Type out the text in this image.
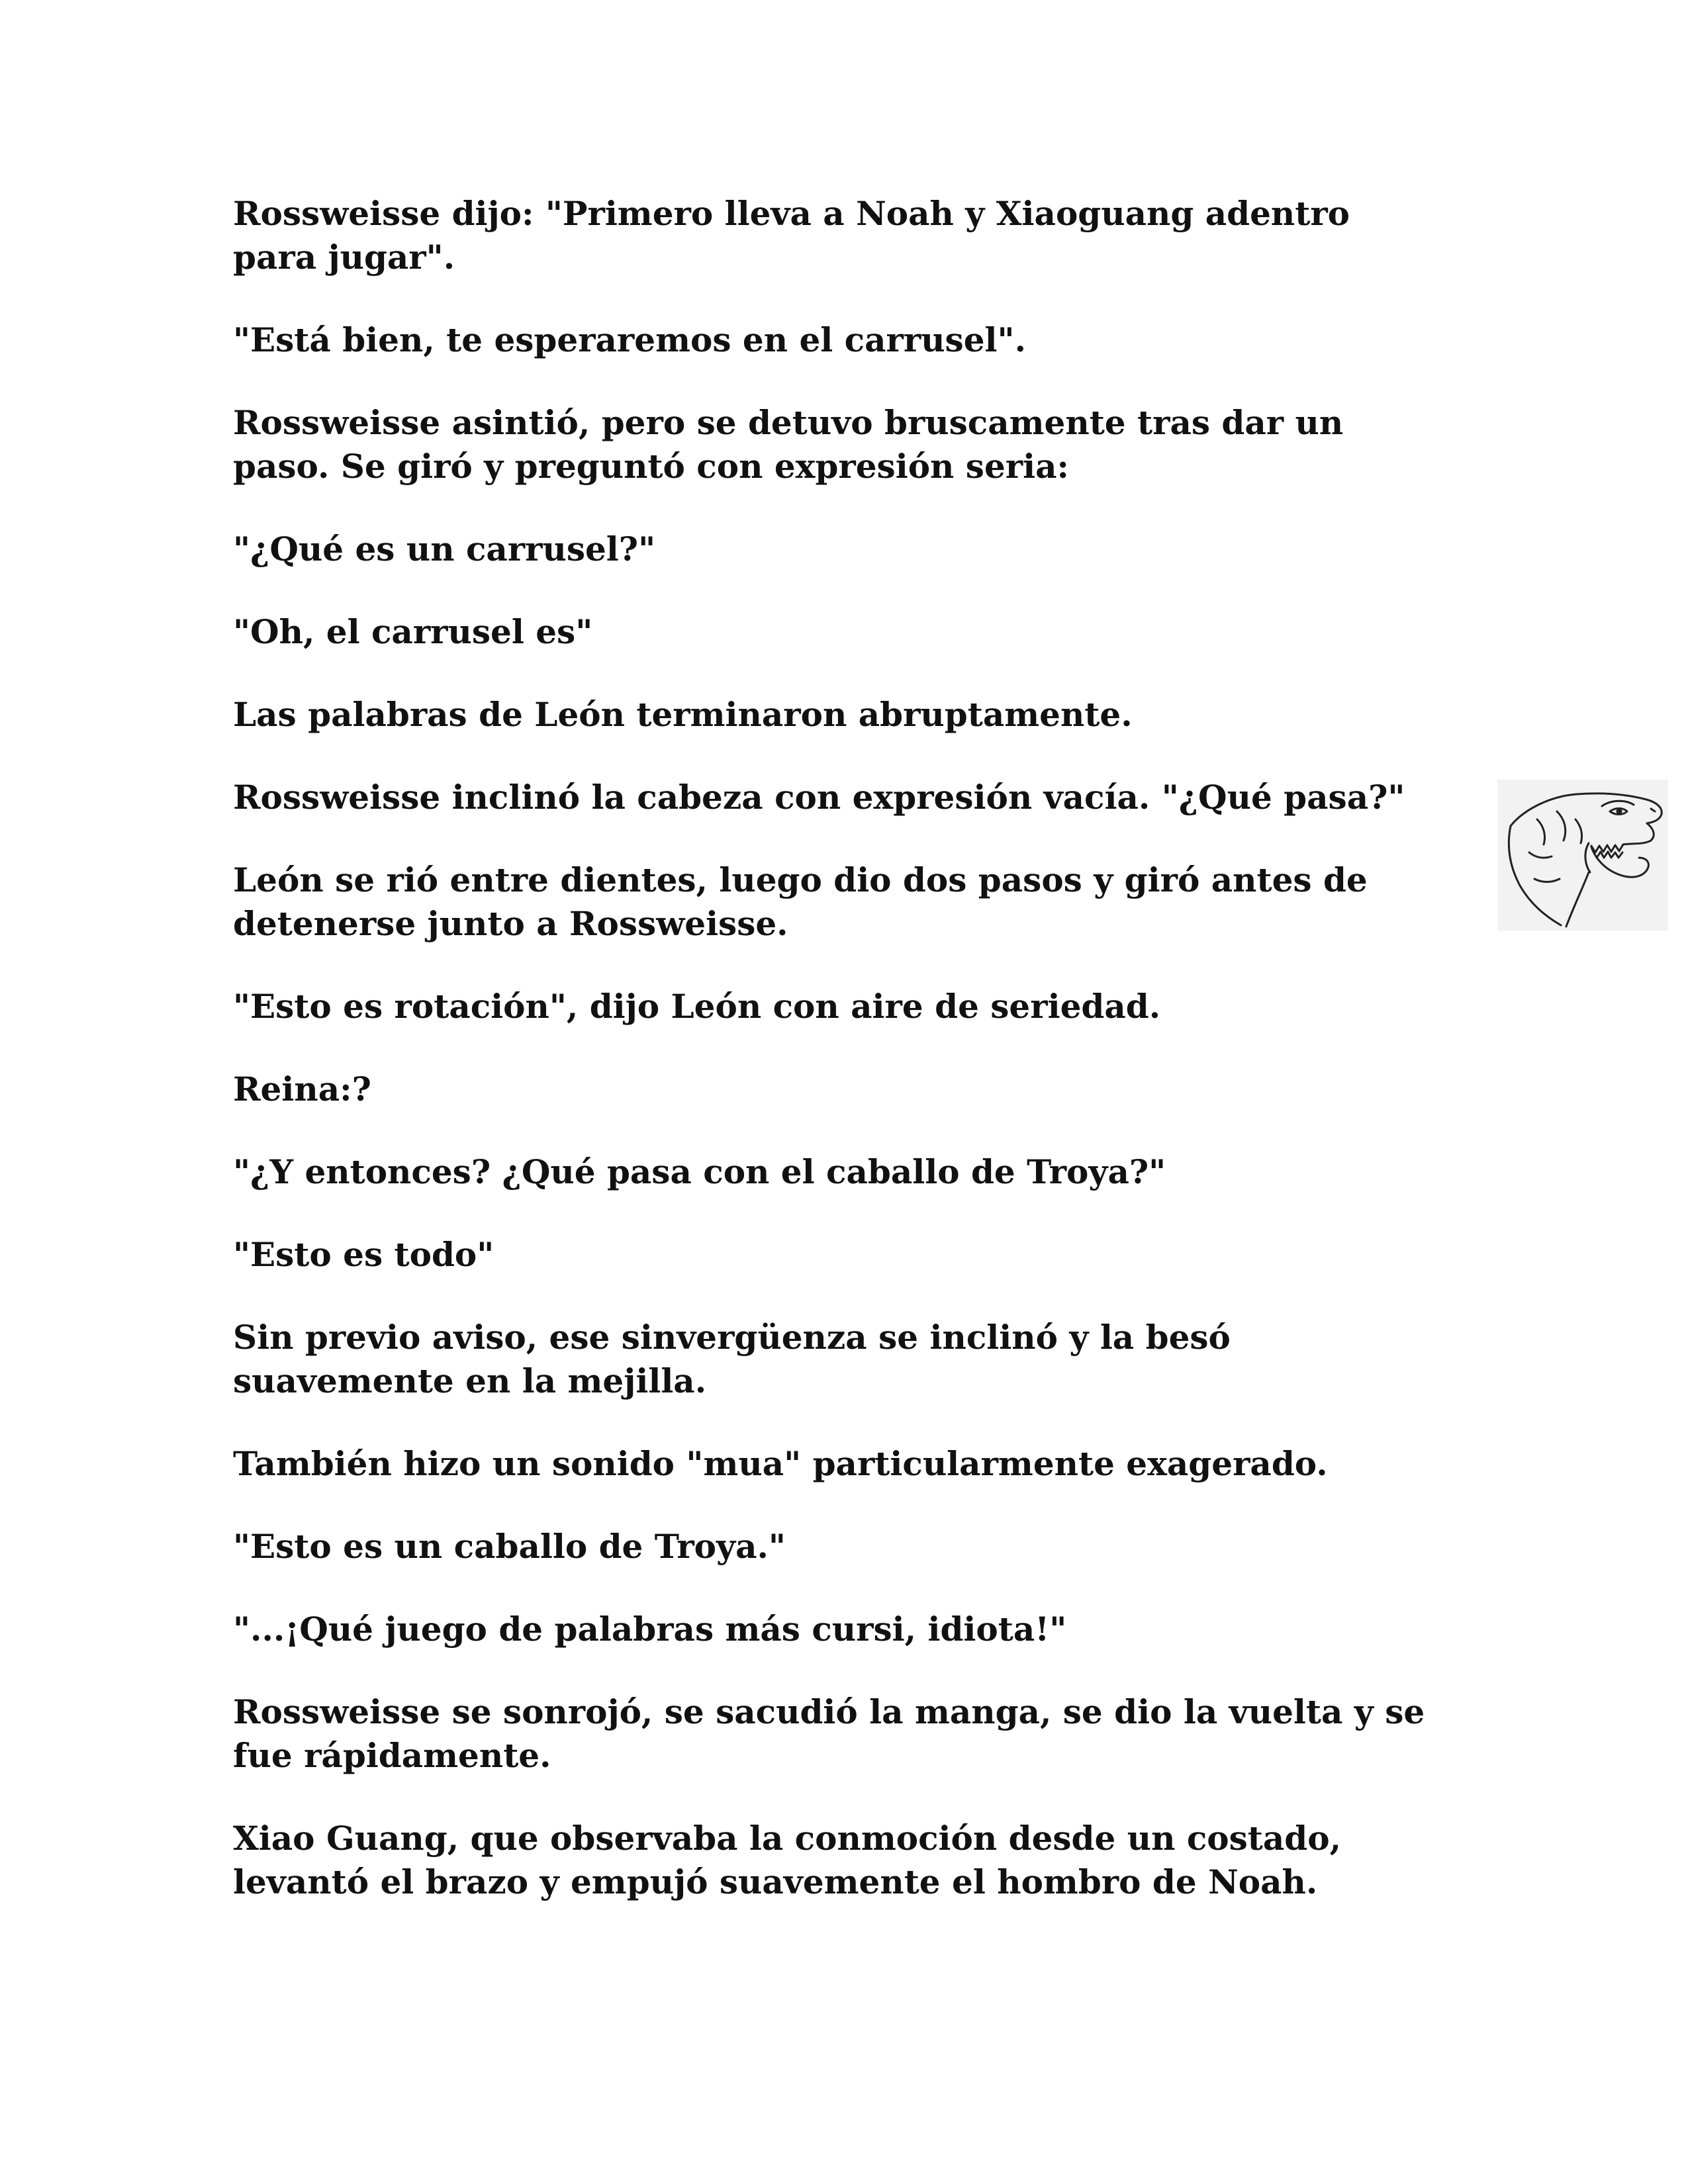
Rossweisse dijo: "Primero lleva a Noah y Xiaoguang adentro para jugar".

"Está bien, te esperaremos en el carrusel".

Rossweisse asintió, pero se detuvo bruscamente tras dar un paso. Se giró y preguntó con expresión seria:

"¿Qué es un carrusel?"

"Oh, el carrusel es"

Las palabras de León terminaron abruptamente.

Rossweisse inclinó la cabeza con expresión vacía. "¿Qué pasa?"

León se rió entre dientes, luego dio dos pasos y giró antes de detenerse junto a Rossweisse.

"Esto es rotación", dijo León con aire de seriedad.

Reina:?

"¿Y entonces? ¿Qué pasa con el caballo de Troya?"

"Esto es todo"

Sin previo aviso, ese sinvergüenza se inclinó y la besó suavemente en la mejilla.

También hizo un sonido "mua" particularmente exagerado.

"Esto es un caballo de Troya."

"...¡Qué juego de palabras más cursi, idiota!"

Rossweisse se sonrojó, se sacudió la manga, se dio la vuelta y se fue rápidamente.

Xiao Guang, que observaba la conmoción desde un costado, levantó el brazo y empujó suavemente el hombro de Noah.
